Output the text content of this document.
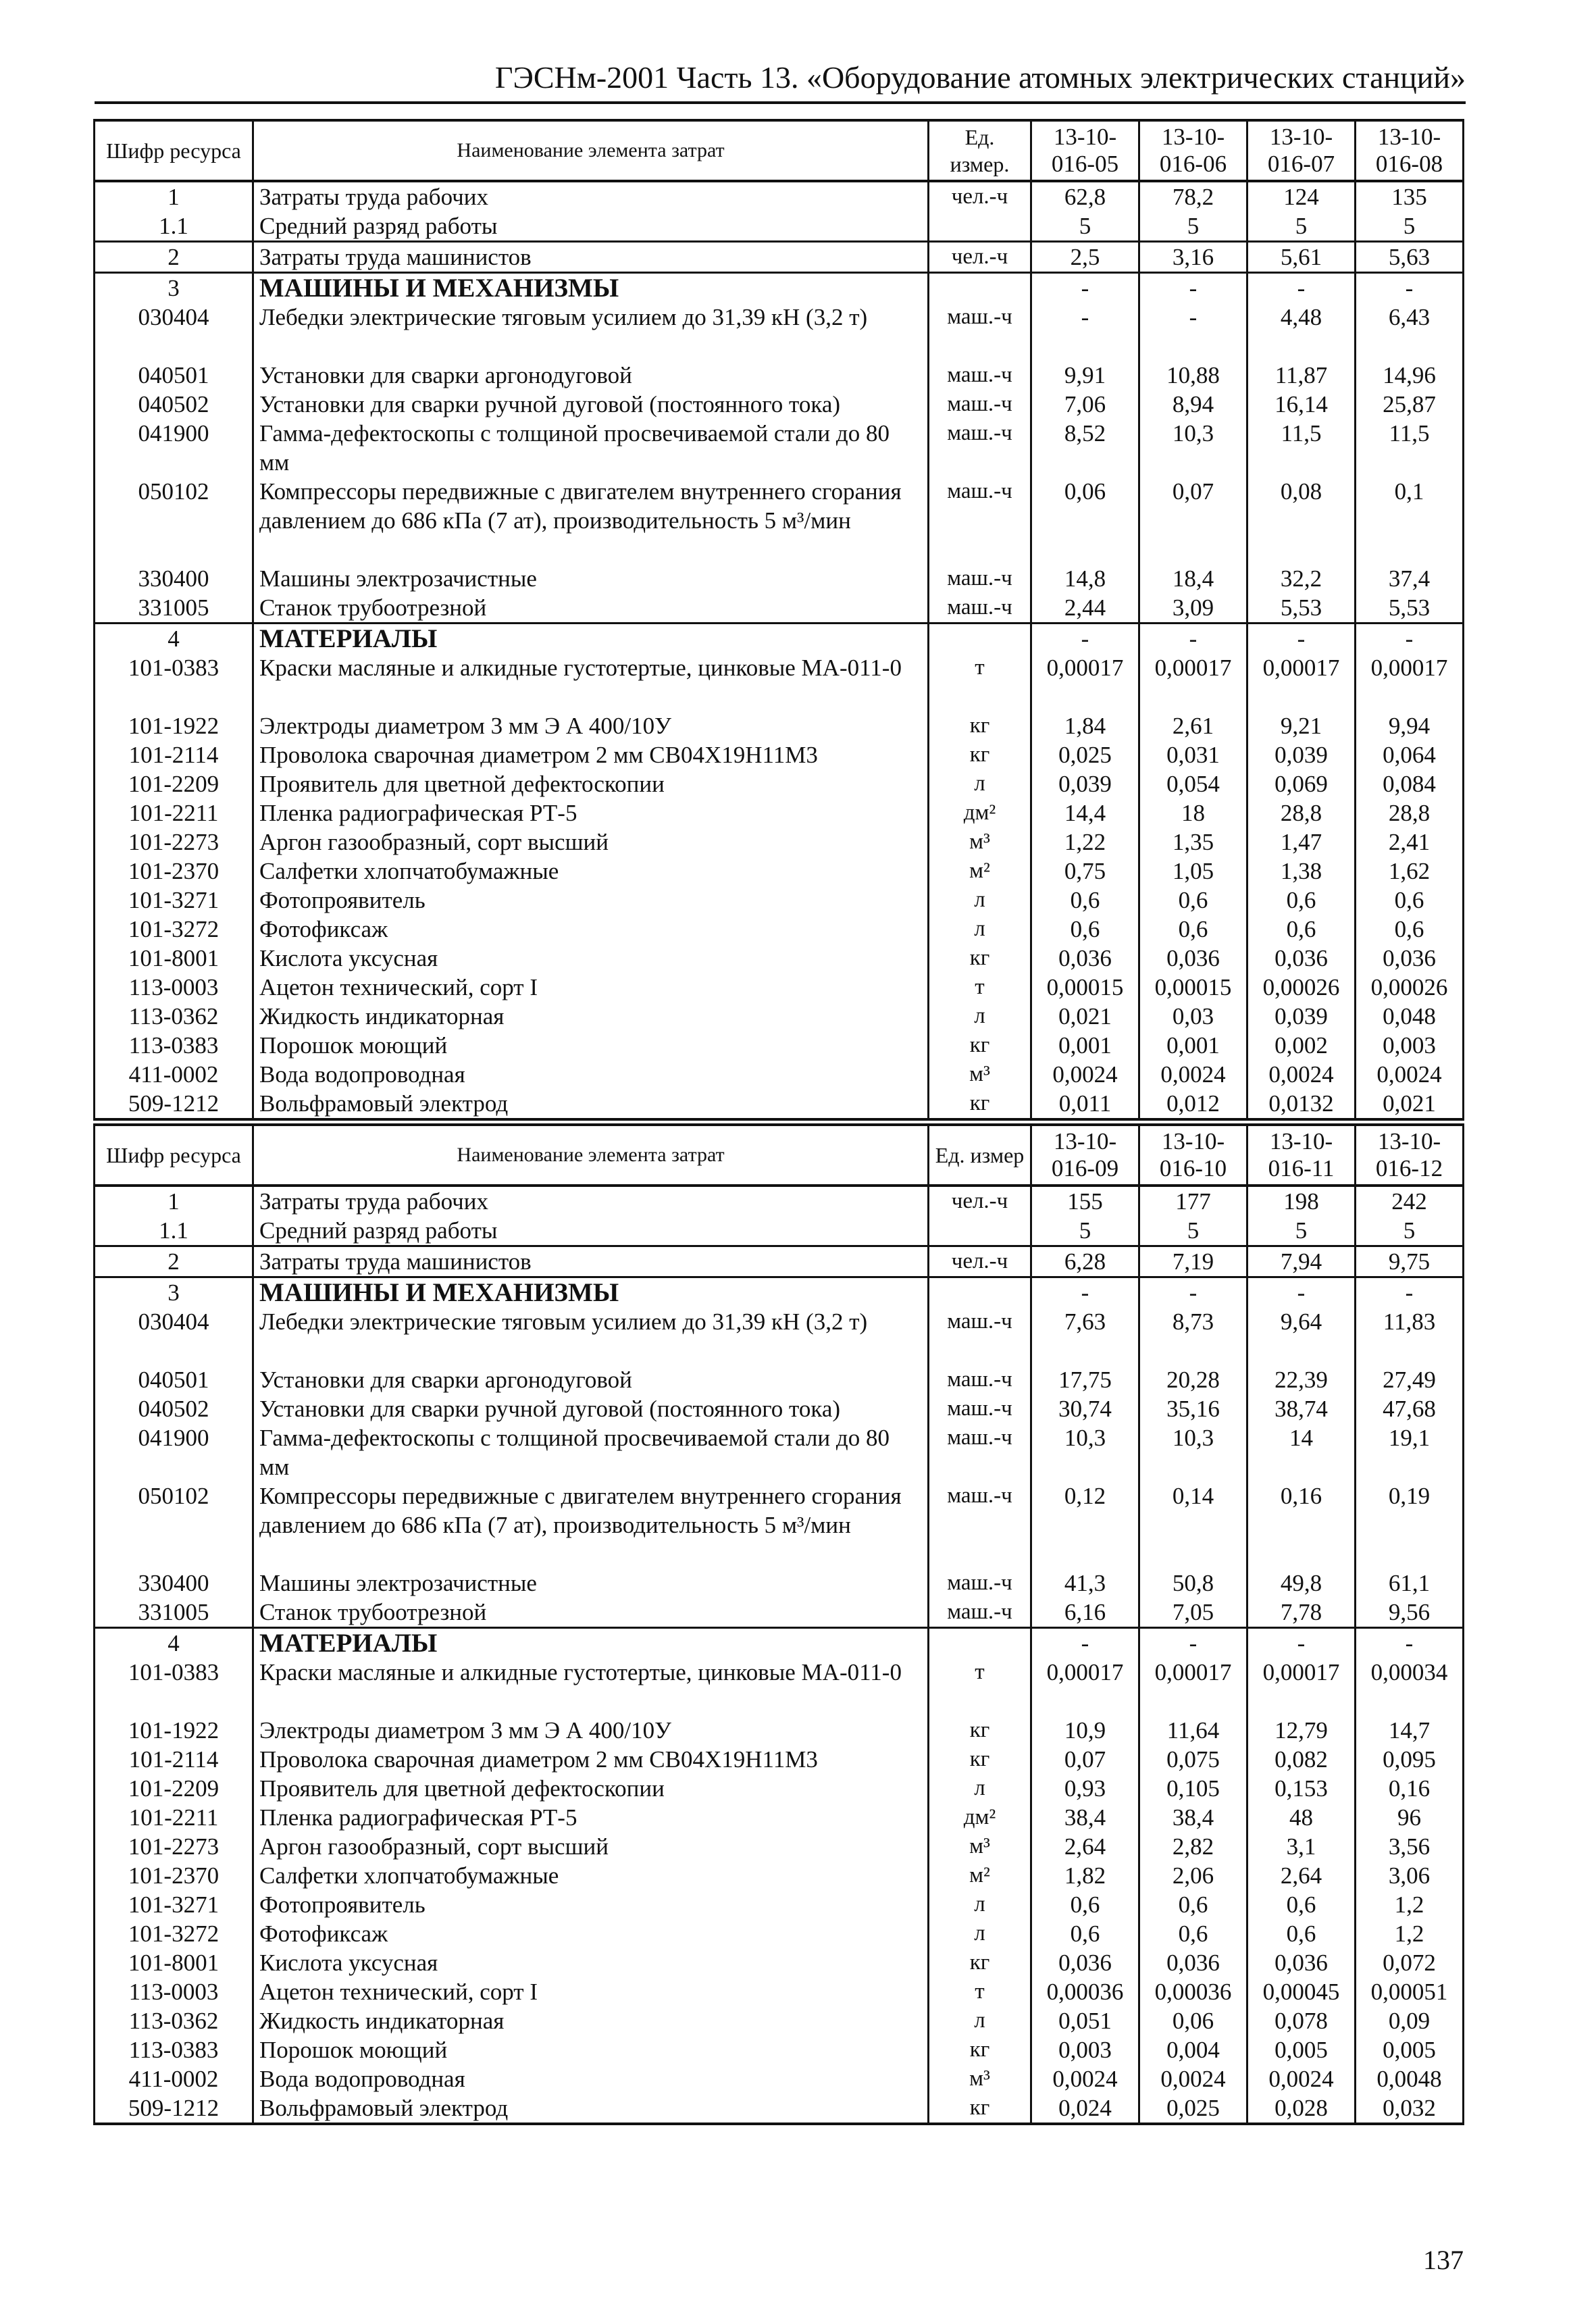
ГЭСНм-2001 Часть 13. «Оборудование атомных электрических станций»
Шифр ресурса	Наименование элемента затрат	Ед. измер.	13-10-016-05	13-10-016-06	13-10-016-07	13-10-016-08
1	Затраты труда рабочих	чел.-ч	62,8	78,2	124	135
1.1	Средний разряд работы		5	5	5	5
2	Затраты труда машинистов	чел.-ч	2,5	3,16	5,61	5,63
3	МАШИНЫ И МЕХАНИЗМЫ		-	-	-	-
030404	Лебедки электрические тяговым усилием до 31,39 кН (3,2 т)	маш.-ч	-	-	4,48	6,43
040501	Установки для сварки аргонодуговой	маш.-ч	9,91	10,88	11,87	14,96
040502	Установки для сварки ручной дуговой (постоянного тока)	маш.-ч	7,06	8,94	16,14	25,87
041900	Гамма-дефектоскопы с толщиной просвечиваемой стали до 80 мм	маш.-ч	8,52	10,3	11,5	11,5
050102	Компрессоры передвижные с двигателем внутреннего сгорания давлением до 686 кПа (7 ат), производительность 5 м³/мин	маш.-ч	0,06	0,07	0,08	0,1
330400	Машины электрозачистные	маш.-ч	14,8	18,4	32,2	37,4
331005	Станок трубоотрезной	маш.-ч	2,44	3,09	5,53	5,53
4	МАТЕРИАЛЫ		-	-	-	-
101-0383	Краски масляные и алкидные густотертые, цинковые МА-011-0	т	0,00017	0,00017	0,00017	0,00017
101-1922	Электроды диаметром 3 мм Э А 400/10У	кг	1,84	2,61	9,21	9,94
101-2114	Проволока сварочная диаметром 2 мм СВ04Х19Н11М3	кг	0,025	0,031	0,039	0,064
101-2209	Проявитель для цветной дефектоскопии	л	0,039	0,054	0,069	0,084
101-2211	Пленка радиографическая РТ-5	дм²	14,4	18	28,8	28,8
101-2273	Аргон газообразный, сорт высший	м³	1,22	1,35	1,47	2,41
101-2370	Салфетки хлопчатобумажные	м²	0,75	1,05	1,38	1,62
101-3271	Фотопроявитель	л	0,6	0,6	0,6	0,6
101-3272	Фотофиксаж	л	0,6	0,6	0,6	0,6
101-8001	Кислота уксусная	кг	0,036	0,036	0,036	0,036
113-0003	Ацетон технический, сорт I	т	0,00015	0,00015	0,00026	0,00026
113-0362	Жидкость индикаторная	л	0,021	0,03	0,039	0,048
113-0383	Порошок моющий	кг	0,001	0,001	0,002	0,003
411-0002	Вода водопроводная	м³	0,0024	0,0024	0,0024	0,0024
509-1212	Вольфрамовый электрод	кг	0,011	0,012	0,0132	0,021
Шифр ресурса	Наименование элемента затрат	Ед. измер	13-10-016-09	13-10-016-10	13-10-016-11	13-10-016-12
1	Затраты труда рабочих	чел.-ч	155	177	198	242
1.1	Средний разряд работы		5	5	5	5
2	Затраты труда машинистов	чел.-ч	6,28	7,19	7,94	9,75
3	МАШИНЫ И МЕХАНИЗМЫ		-	-	-	-
030404	Лебедки электрические тяговым усилием до 31,39 кН (3,2 т)	маш.-ч	7,63	8,73	9,64	11,83
040501	Установки для сварки аргонодуговой	маш.-ч	17,75	20,28	22,39	27,49
040502	Установки для сварки ручной дуговой (постоянного тока)	маш.-ч	30,74	35,16	38,74	47,68
041900	Гамма-дефектоскопы с толщиной просвечиваемой стали до 80 мм	маш.-ч	10,3	10,3	14	19,1
050102	Компрессоры передвижные с двигателем внутреннего сгорания давлением до 686 кПа (7 ат), производительность 5 м³/мин	маш.-ч	0,12	0,14	0,16	0,19
330400	Машины электрозачистные	маш.-ч	41,3	50,8	49,8	61,1
331005	Станок трубоотрезной	маш.-ч	6,16	7,05	7,78	9,56
4	МАТЕРИАЛЫ		-	-	-	-
101-0383	Краски масляные и алкидные густотертые, цинковые МА-011-0	т	0,00017	0,00017	0,00017	0,00034
101-1922	Электроды диаметром 3 мм Э А 400/10У	кг	10,9	11,64	12,79	14,7
101-2114	Проволока сварочная диаметром 2 мм СВ04Х19Н11М3	кг	0,07	0,075	0,082	0,095
101-2209	Проявитель для цветной дефектоскопии	л	0,93	0,105	0,153	0,16
101-2211	Пленка радиографическая РТ-5	дм²	38,4	38,4	48	96
101-2273	Аргон газообразный, сорт высший	м³	2,64	2,82	3,1	3,56
101-2370	Салфетки хлопчатобумажные	м²	1,82	2,06	2,64	3,06
101-3271	Фотопроявитель	л	0,6	0,6	0,6	1,2
101-3272	Фотофиксаж	л	0,6	0,6	0,6	1,2
101-8001	Кислота уксусная	кг	0,036	0,036	0,036	0,072
113-0003	Ацетон технический, сорт I	т	0,00036	0,00036	0,00045	0,00051
113-0362	Жидкость индикаторная	л	0,051	0,06	0,078	0,09
113-0383	Порошок моющий	кг	0,003	0,004	0,005	0,005
411-0002	Вода водопроводная	м³	0,0024	0,0024	0,0024	0,0048
509-1212	Вольфрамовый электрод	кг	0,024	0,025	0,028	0,032
137
